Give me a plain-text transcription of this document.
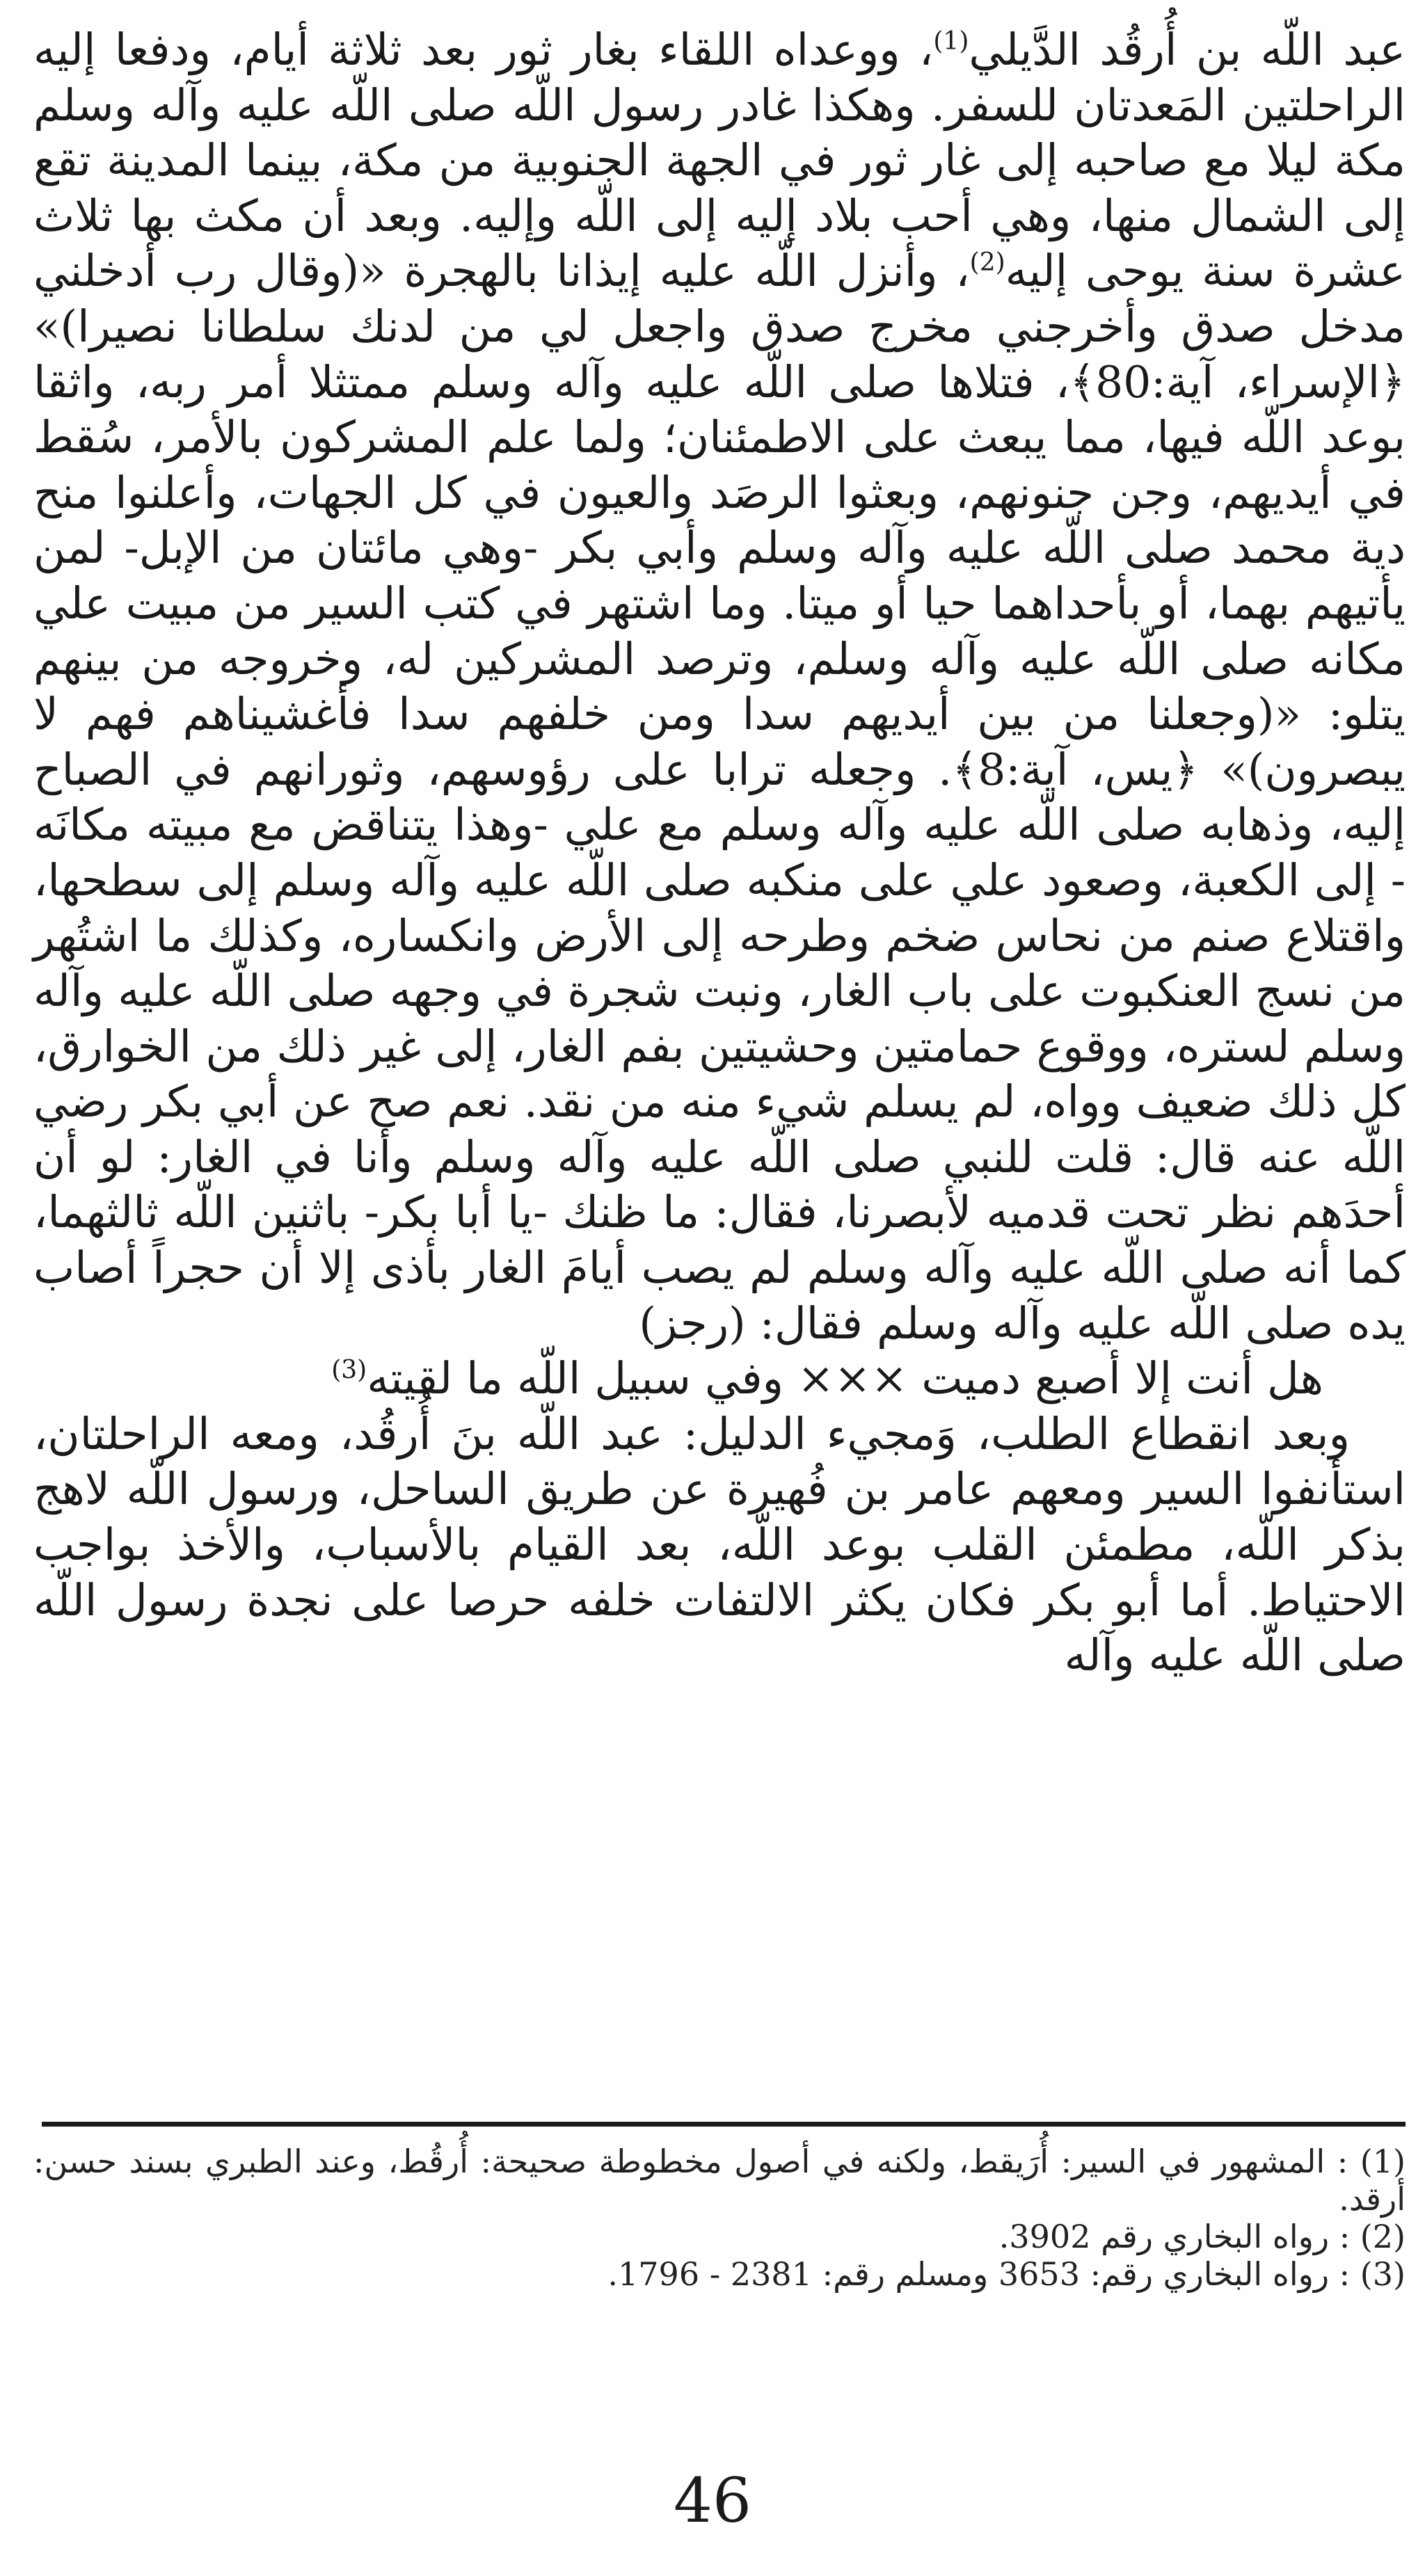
عبد اللّه بن أُرقُد الدَّيلي$^{(1)}$، ووعداه اللقاء بغار ثور بعد ثلاثة أيام، ودفعا إليه الراحلتين المَعدتان للسفر. وهكذا غادر رسول اللّه صلى اللّه عليه وآله وسلم مكة ليلا مع صاحبه إلى غار ثور في الجهة الجنوبية من مكة، بينما المدينة تقع إلى الشمال منها، وهي أحب بلاد إليه إلى اللّه وإليه. وبعد أن مكث بها ثلاث عشرة سنة يوحى إليه$^{(2)}$، وأنزل اللّه عليه إيذانا بالهجرة «(وقال رب أدخلني مدخل صدق وأخرجني مخرج صدق واجعل لي من لدنك سلطانا نصيرا)» ﴿الإسراء، آية:80﴾، فتلاها صلى اللّه عليه وآله وسلم ممتثلا أمر ربه، واثقا بوعد اللّه فيها، مما يبعث على الاطمئنان؛ ولما علم المشركون بالأمر، سُقط في أيديهم، وجن جنونهم، وبعثوا الرصَد والعيون في كل الجهات، وأعلنوا منح دية محمد صلى اللّه عليه وآله وسلم وأبي بكر -وهي مائتان من الإبل- لمن يأتيهم بهما، أو بأحداهما حيا أو ميتا. وما اشتهر في كتب السير من مبيت علي مكانه صلى اللّه عليه وآله وسلم، وترصد المشركين له، وخروجه من بينهم يتلو: «(وجعلنا من بين أيديهم سدا ومن خلفهم سدا فأغشيناهم فهم لا يبصرون)» ﴿يس، آية:8﴾. وجعله ترابا على رؤوسهم، وثورانهم في الصباح إليه، وذهابه صلى اللّه عليه وآله وسلم مع علي -وهذا يتناقض مع مبيته مكانَه - إلى الكعبة، وصعود علي على منكبه صلى اللّه عليه وآله وسلم إلى سطحها، واقتلاع صنم من نحاس ضخم وطرحه إلى الأرض وانكساره، وكذلك ما اشتُهر من نسج العنكبوت على باب الغار، ونبت شجرة في وجهه صلى اللّه عليه وآله وسلم لستره، ووقوع حمامتين وحشيتين بفم الغار، إلى غير ذلك من الخوارق، كل ذلك ضعيف وواه، لم يسلم شيء منه من نقد. نعم صح عن أبي بكر رضي اللّه عنه قال: قلت للنبي صلى اللّه عليه وآله وسلم وأنا في الغار: لو أن أحدَهم نظر تحت قدميه لأبصرنا، فقال: ما ظنك -يا أبا بكر- باثنين اللّه ثالثهما، كما أنه صلى اللّه عليه وآله وسلم لم يصب أيامَ الغار بأذى إلا أن حجراً أصاب يده صلى اللّه عليه وآله وسلم فقال: (رجز)

هل أنت إلا أصبع دميت ××× وفي سبيل اللّه ما لقيته$^{(3)}$

وبعد انقطاع الطلب، وَمجيء الدليل: عبد اللّه بنَ أُرقُد، ومعه الراحلتان، استأنفوا السير ومعهم عامر بن فُهيرة عن طريق الساحل، ورسول اللّه لاهج بذكر اللّه، مطمئن القلب بوعد اللّه، بعد القيام بالأسباب، والأخذ بواجب الاحتياط. أما أبو بكر فكان يكثر الالتفات خلفه حرصا على نجدة رسول اللّه صلى اللّه عليه وآله

(1) : المشهور في السير: أُرَيقط، ولكنه في أصول مخطوطة صحيحة: أُرقُط، وعند الطبري بسند حسن: أرقد.

(2) : رواه البخاري رقم 3902.

(3) : رواه البخاري رقم: 3653 ومسلم رقم: 2381 - 1796.

46
